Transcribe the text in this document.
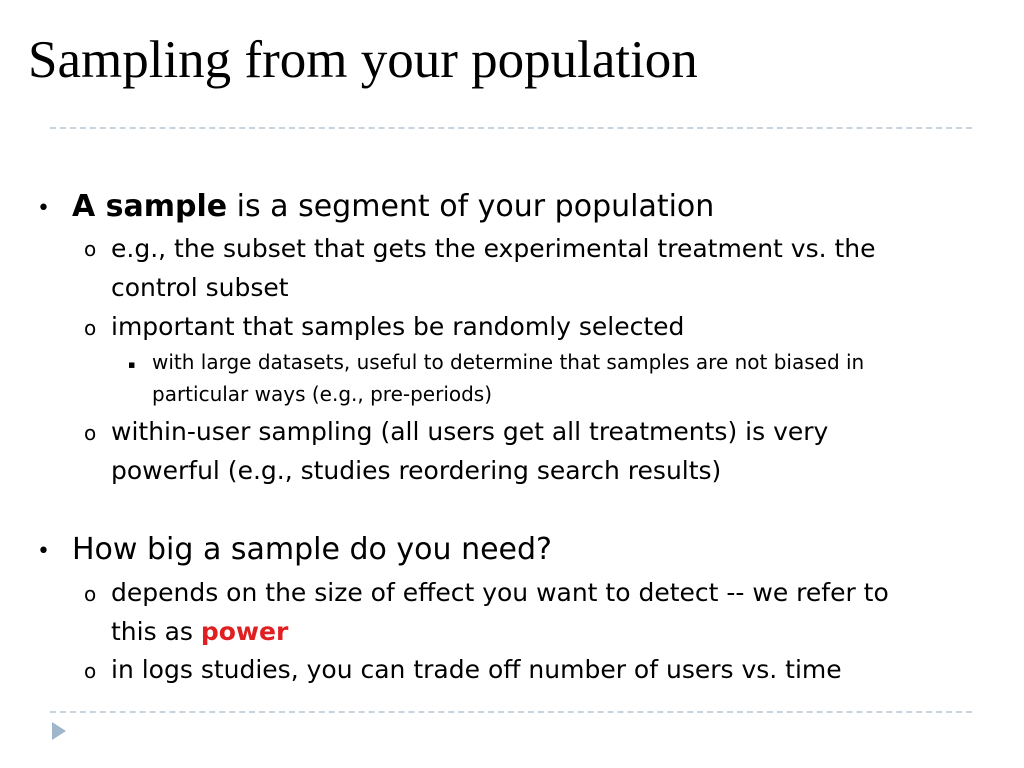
Sampling from your population
• A sample is a segment of your population
o e.g., the subset that gets the experimental treatment vs. the
control subset
o important that samples be randomly selected
▪ with large datasets, useful to determine that samples are not biased in
particular ways (e.g., pre-periods)
o within-user sampling (all users get all treatments) is very
powerful (e.g., studies reordering search results)
• How big a sample do you need?
o depends on the size of effect you want to detect -- we refer to
this as power
o in logs studies, you can trade off number of users vs. time
